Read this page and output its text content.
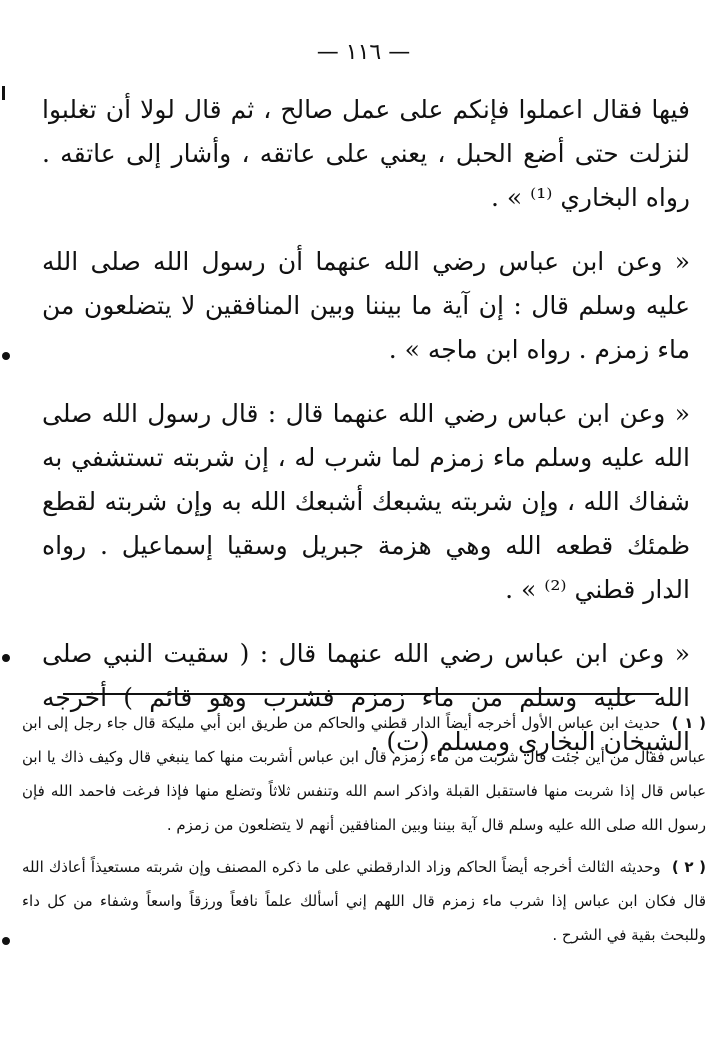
— ١١٦ —

فيها فقال اعملوا فإنكم على عمل صالح ، ثم قال لولا أن تغلبوا لنزلت حتى أضع الحبل ، يعني على عاتقه ، وأشار إلى عاتقه . رواه البخاري ⁽¹⁾ » .

« وعن ابن عباس رضي الله عنهما أن رسول الله صلى الله عليه وسلم قال : إن آية ما بيننا وبين المنافقين لا يتضلعون من ماء زمزم . رواه ابن ماجه » .

« وعن ابن عباس رضي الله عنهما قال : قال رسول الله صلى الله عليه وسلم ماء زمزم لما شرب له ، إن شربته تستشفي به شفاك الله ، وإن شربته يشبعك أشبعك الله به وإن شربته لقطع ظمئك قطعه الله وهي هزمة جبريل وسقيا إسماعيل . رواه الدار قطني ⁽²⁾ » .

« وعن ابن عباس رضي الله عنهما قال : ( سقيت النبي صلى الله عليه وسلم من ماء زمزم فشرب وهو قائم ) أخرجه الشيخان البخاري ومسلم (ت) .

( ١ ) حديث ابن عباس الأول أخرجه أيضاً الدار قطني والحاكم من طريق ابن أبي مليكة قال جاء رجل إلى ابن عباس فقال من أين جئت قال شربت من ماء زمزم قال ابن عباس أشربت منها كما ينبغي قال وكيف ذاك يا ابن عباس قال إذا شربت منها فاستقبل القبلة واذكر اسم الله وتنفس ثلاثاً وتضلع منها فإذا فرغت فاحمد الله فإن رسول الله صلى الله عليه وسلم قال آية بيننا وبين المنافقين أنهم لا يتضلعون من زمزم .

( ٢ ) وحديثه الثالث أخرجه أيضاً الحاكم وزاد الدارقطني على ما ذكره المصنف وإن شربته مستعيذاً أعاذك الله قال فكان ابن عباس إذا شرب ماء زمزم قال اللهم إني أسألك علماً نافعاً ورزقاً واسعاً وشفاء من كل داء وللبحث بقية في الشرح .
